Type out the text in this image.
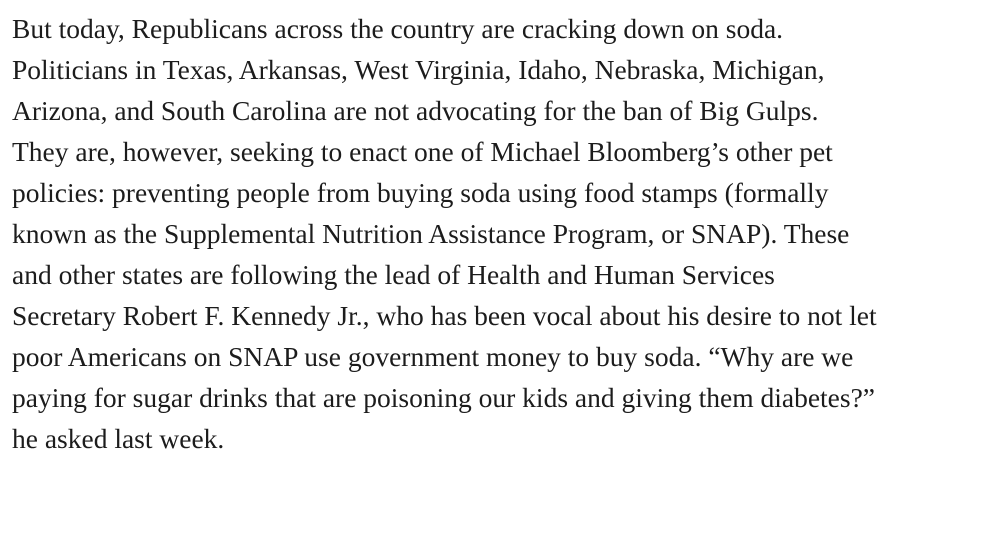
But today, Republicans across the country are cracking down on soda.
Politicians in Texas, Arkansas, West Virginia, Idaho, Nebraska, Michigan,
Arizona, and South Carolina are not advocating for the ban of Big Gulps.
They are, however, seeking to enact one of Michael Bloomberg’s other pet
policies: preventing people from buying soda using food stamps (formally
known as the Supplemental Nutrition Assistance Program, or SNAP). These
and other states are following the lead of Health and Human Services
Secretary Robert F. Kennedy Jr., who has been vocal about his desire to not let
poor Americans on SNAP use government money to buy soda. “Why are we
paying for sugar drinks that are poisoning our kids and giving them diabetes?”
he asked last week.
